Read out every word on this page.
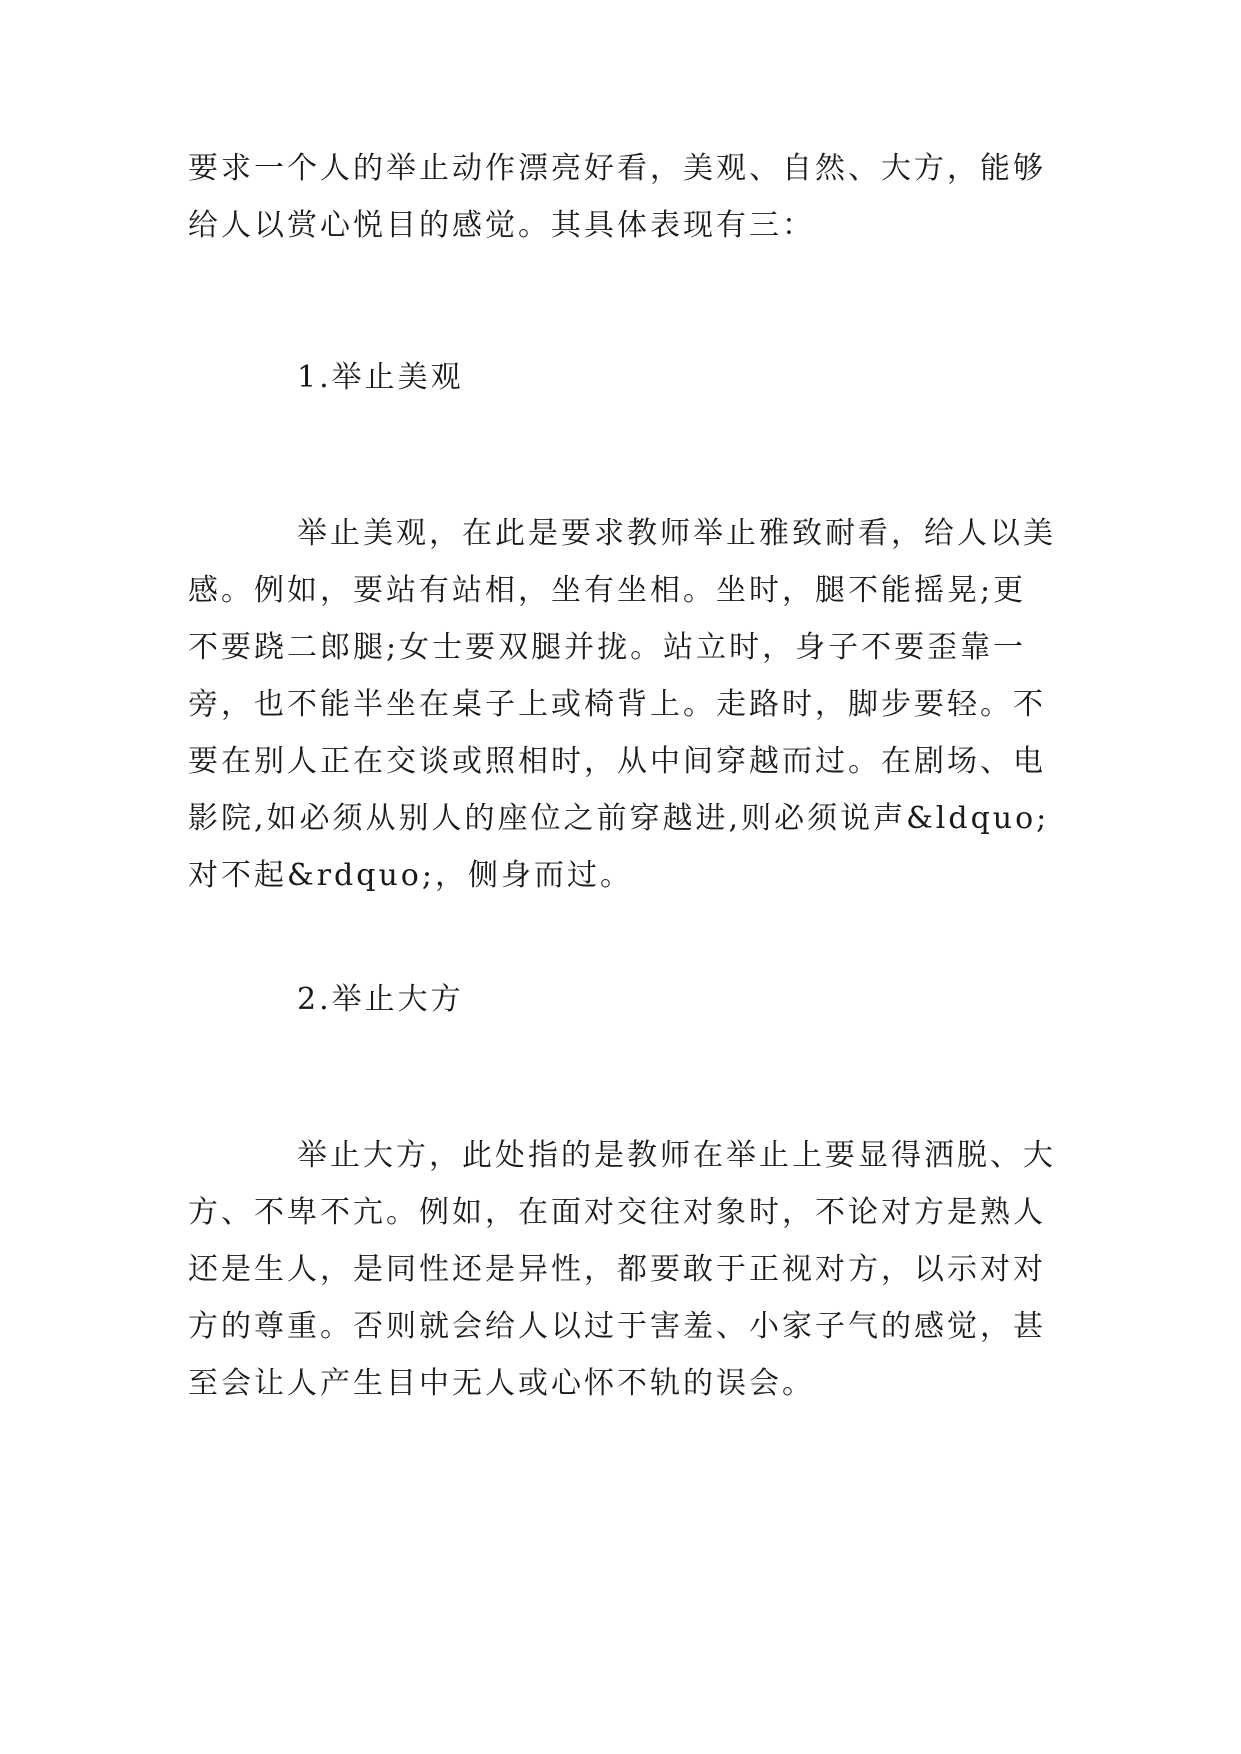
要求一个人的举止动作漂亮好看，美观、自然、大方，能够
给人以赏心悦目的感觉。其具体表现有三：
1.举止美观
举止美观，在此是要求教师举止雅致耐看，给人以美
感。例如，要站有站相，坐有坐相。坐时，腿不能摇晃;更
不要跷二郎腿;女士要双腿并拢。站立时，身子不要歪靠一
旁，也不能半坐在桌子上或椅背上。走路时，脚步要轻。不
要在别人正在交谈或照相时，从中间穿越而过。在剧场、电
影院,如必须从别人的座位之前穿越进,则必须说声&ldquo;
对不起&rdquo;，侧身而过。
2.举止大方
举止大方，此处指的是教师在举止上要显得洒脱、大
方、不卑不亢。例如，在面对交往对象时，不论对方是熟人
还是生人，是同性还是异性，都要敢于正视对方，以示对对
方的尊重。否则就会给人以过于害羞、小家子气的感觉，甚
至会让人产生目中无人或心怀不轨的误会。
